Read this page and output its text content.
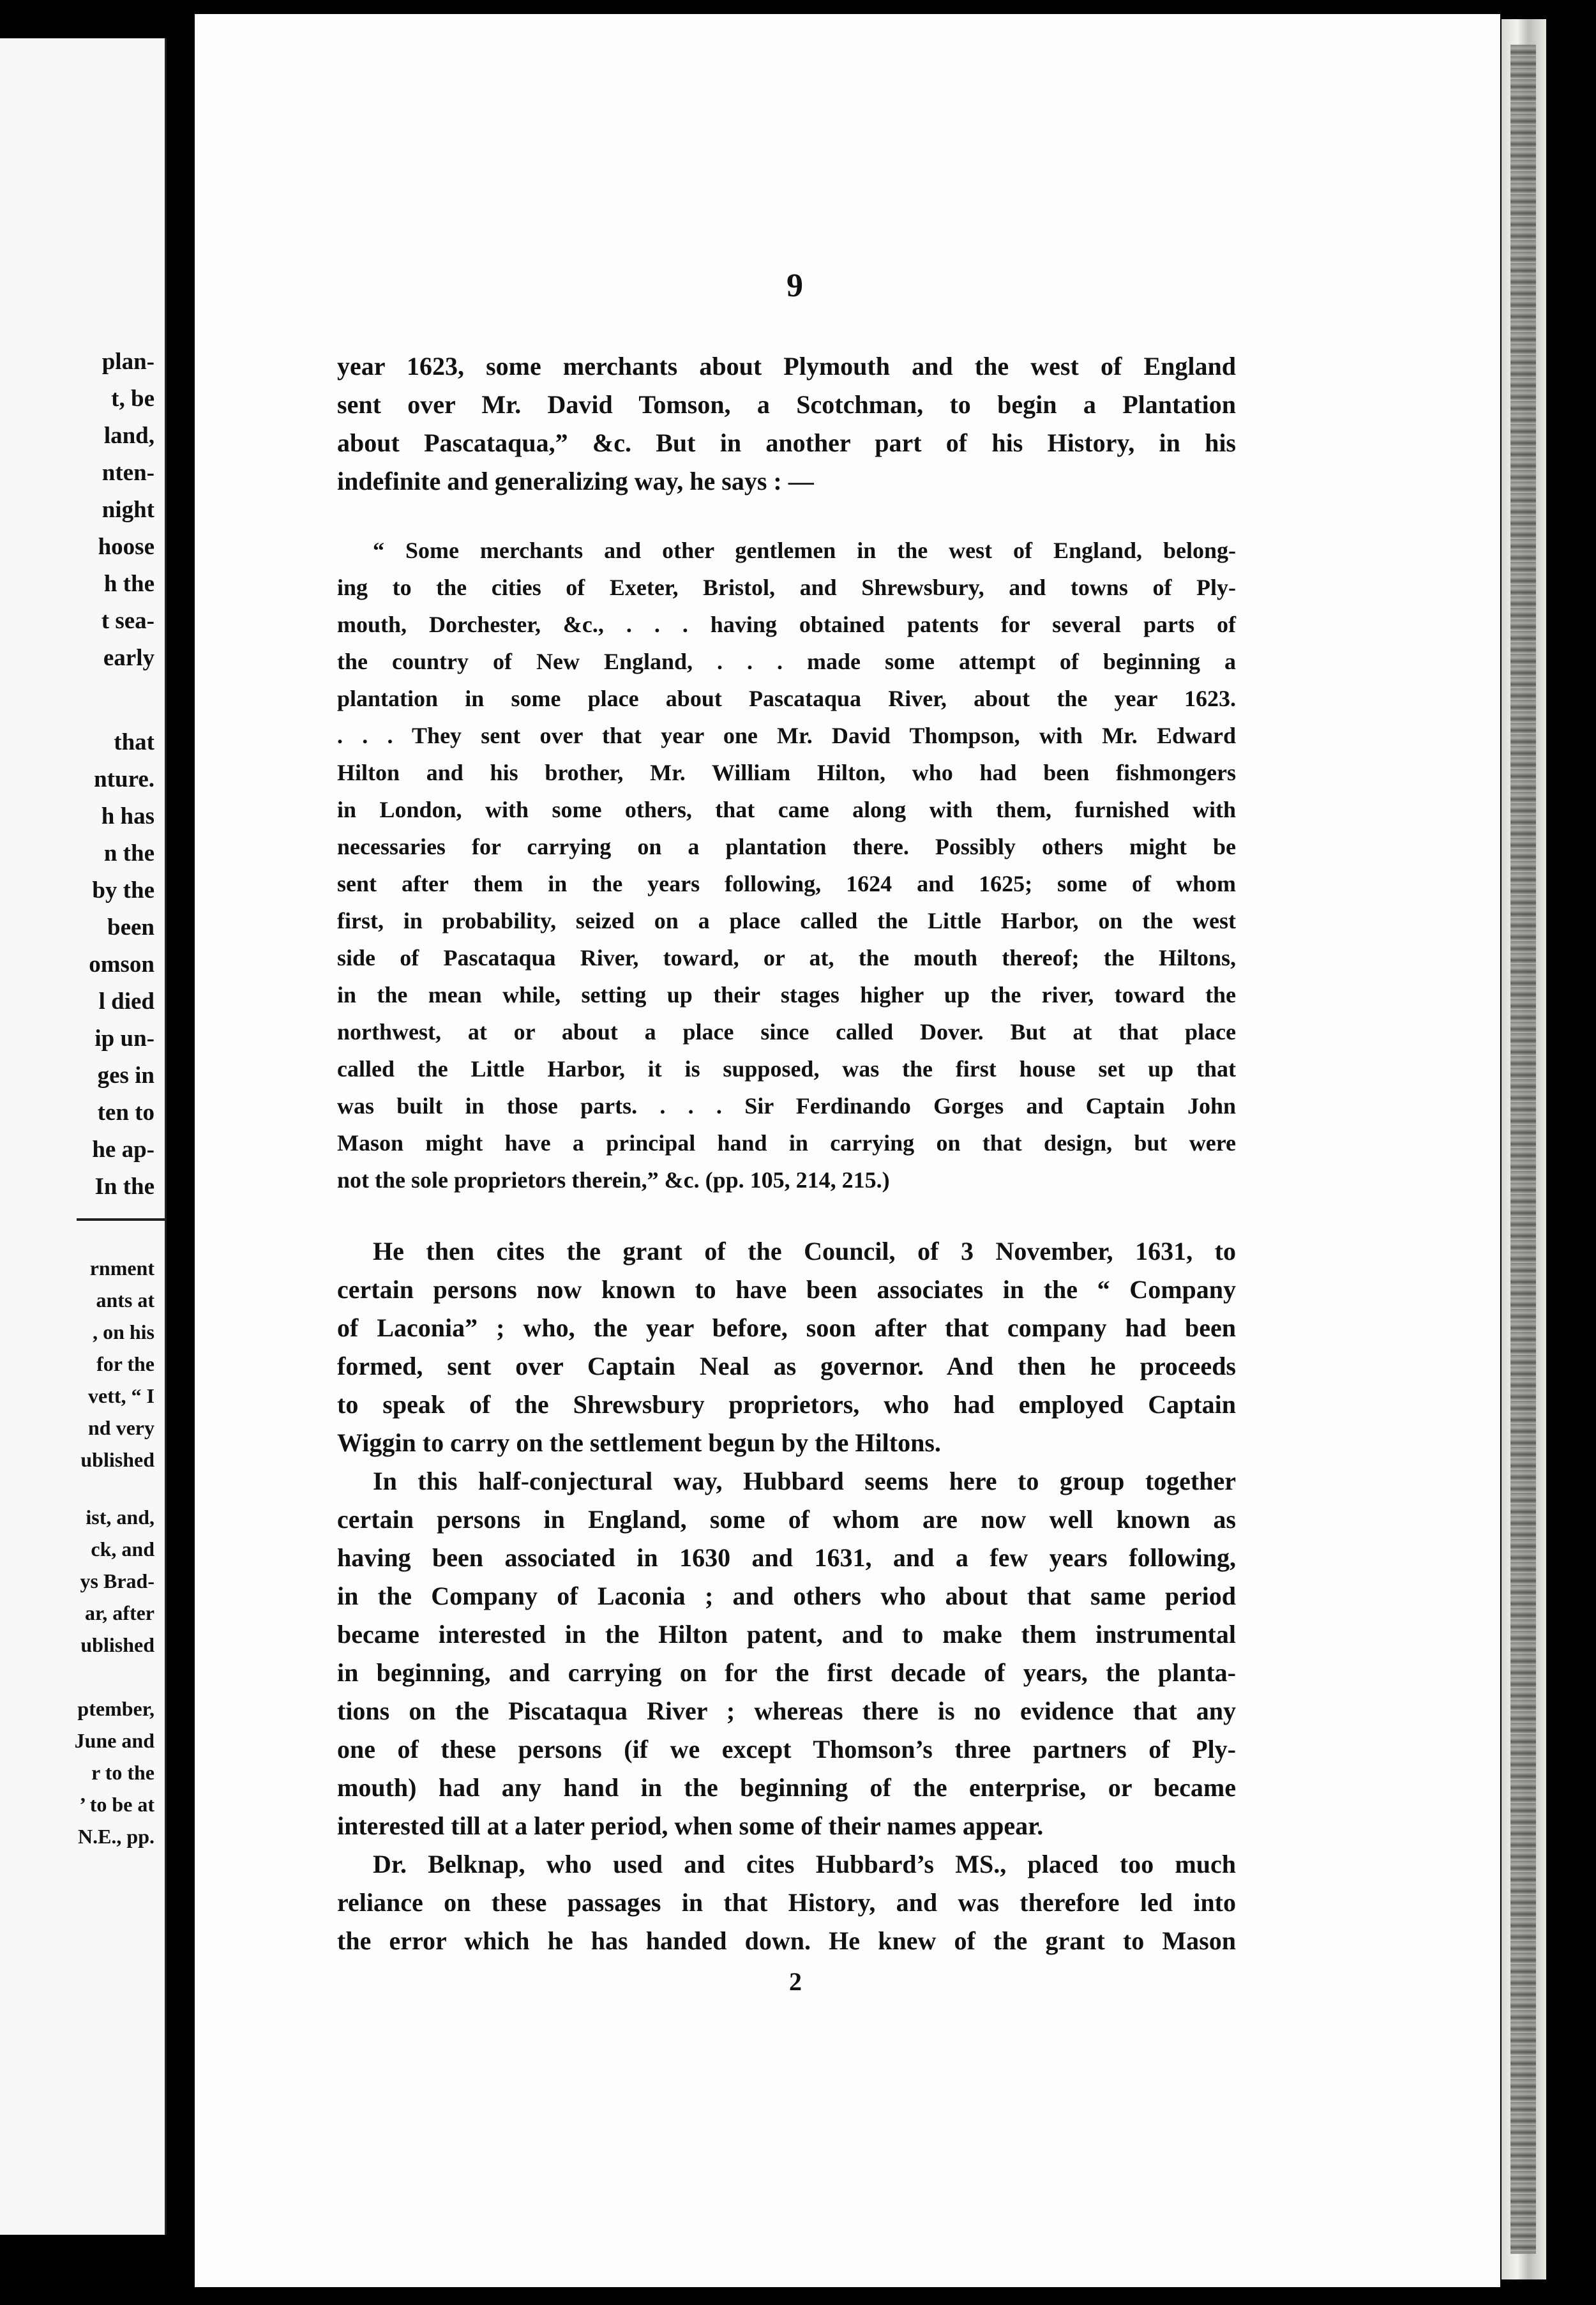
plan-
t, be
land,
nten-
night
hoose
h the
t sea-
early
that
nture.
h has
n the
by the
been
omson
l died
ip un-
ges in
ten to
he ap-
In the
rnment
ants at
, on his
for the
vett, “ I
nd very
ublished
ist, and,
ck, and
ys Brad-
ar, after
ublished
ptember,
June and
r to the
’ to be at
N.E., pp.
9
year 1623, some merchants about Plymouth and the west of England
sent over Mr. David Tomson, a Scotchman, to begin a Plantation
about Pascataqua,” &c. But in another part of his History, in his
indefinite and generalizing way, he says : —
“ Some merchants and other gentlemen in the west of England, belong-
ing to the cities of Exeter, Bristol, and Shrewsbury, and towns of Ply-
mouth, Dorchester, &c., . . . having obtained patents for several parts of
the country of New England, . . . made some attempt of beginning a
plantation in some place about Pascataqua River, about the year 1623.
. . . They sent over that year one Mr. David Thompson, with Mr. Edward
Hilton and his brother, Mr. William Hilton, who had been fishmongers
in London, with some others, that came along with them, furnished with
necessaries for carrying on a plantation there. Possibly others might be
sent after them in the years following, 1624 and 1625; some of whom
first, in probability, seized on a place called the Little Harbor, on the west
side of Pascataqua River, toward, or at, the mouth thereof; the Hiltons,
in the mean while, setting up their stages higher up the river, toward the
northwest, at or about a place since called Dover. But at that place
called the Little Harbor, it is supposed, was the first house set up that
was built in those parts. . . . Sir Ferdinando Gorges and Captain John
Mason might have a principal hand in carrying on that design, but were
not the sole proprietors therein,” &c. (pp. 105, 214, 215.)
He then cites the grant of the Council, of 3 November, 1631, to
certain persons now known to have been associates in the “ Company
of Laconia” ; who, the year before, soon after that company had been
formed, sent over Captain Neal as governor. And then he proceeds
to speak of the Shrewsbury proprietors, who had employed Captain
Wiggin to carry on the settlement begun by the Hiltons.
In this half-conjectural way, Hubbard seems here to group together
certain persons in England, some of whom are now well known as
having been associated in 1630 and 1631, and a few years following,
in the Company of Laconia ; and others who about that same period
became interested in the Hilton patent, and to make them instrumental
in beginning, and carrying on for the first decade of years, the planta-
tions on the Piscataqua River ; whereas there is no evidence that any
one of these persons (if we except Thomson’s three partners of Ply-
mouth) had any hand in the beginning of the enterprise, or became
interested till at a later period, when some of their names appear.
Dr. Belknap, who used and cites Hubbard’s MS., placed too much
reliance on these passages in that History, and was therefore led into
the error which he has handed down. He knew of the grant to Mason
2
